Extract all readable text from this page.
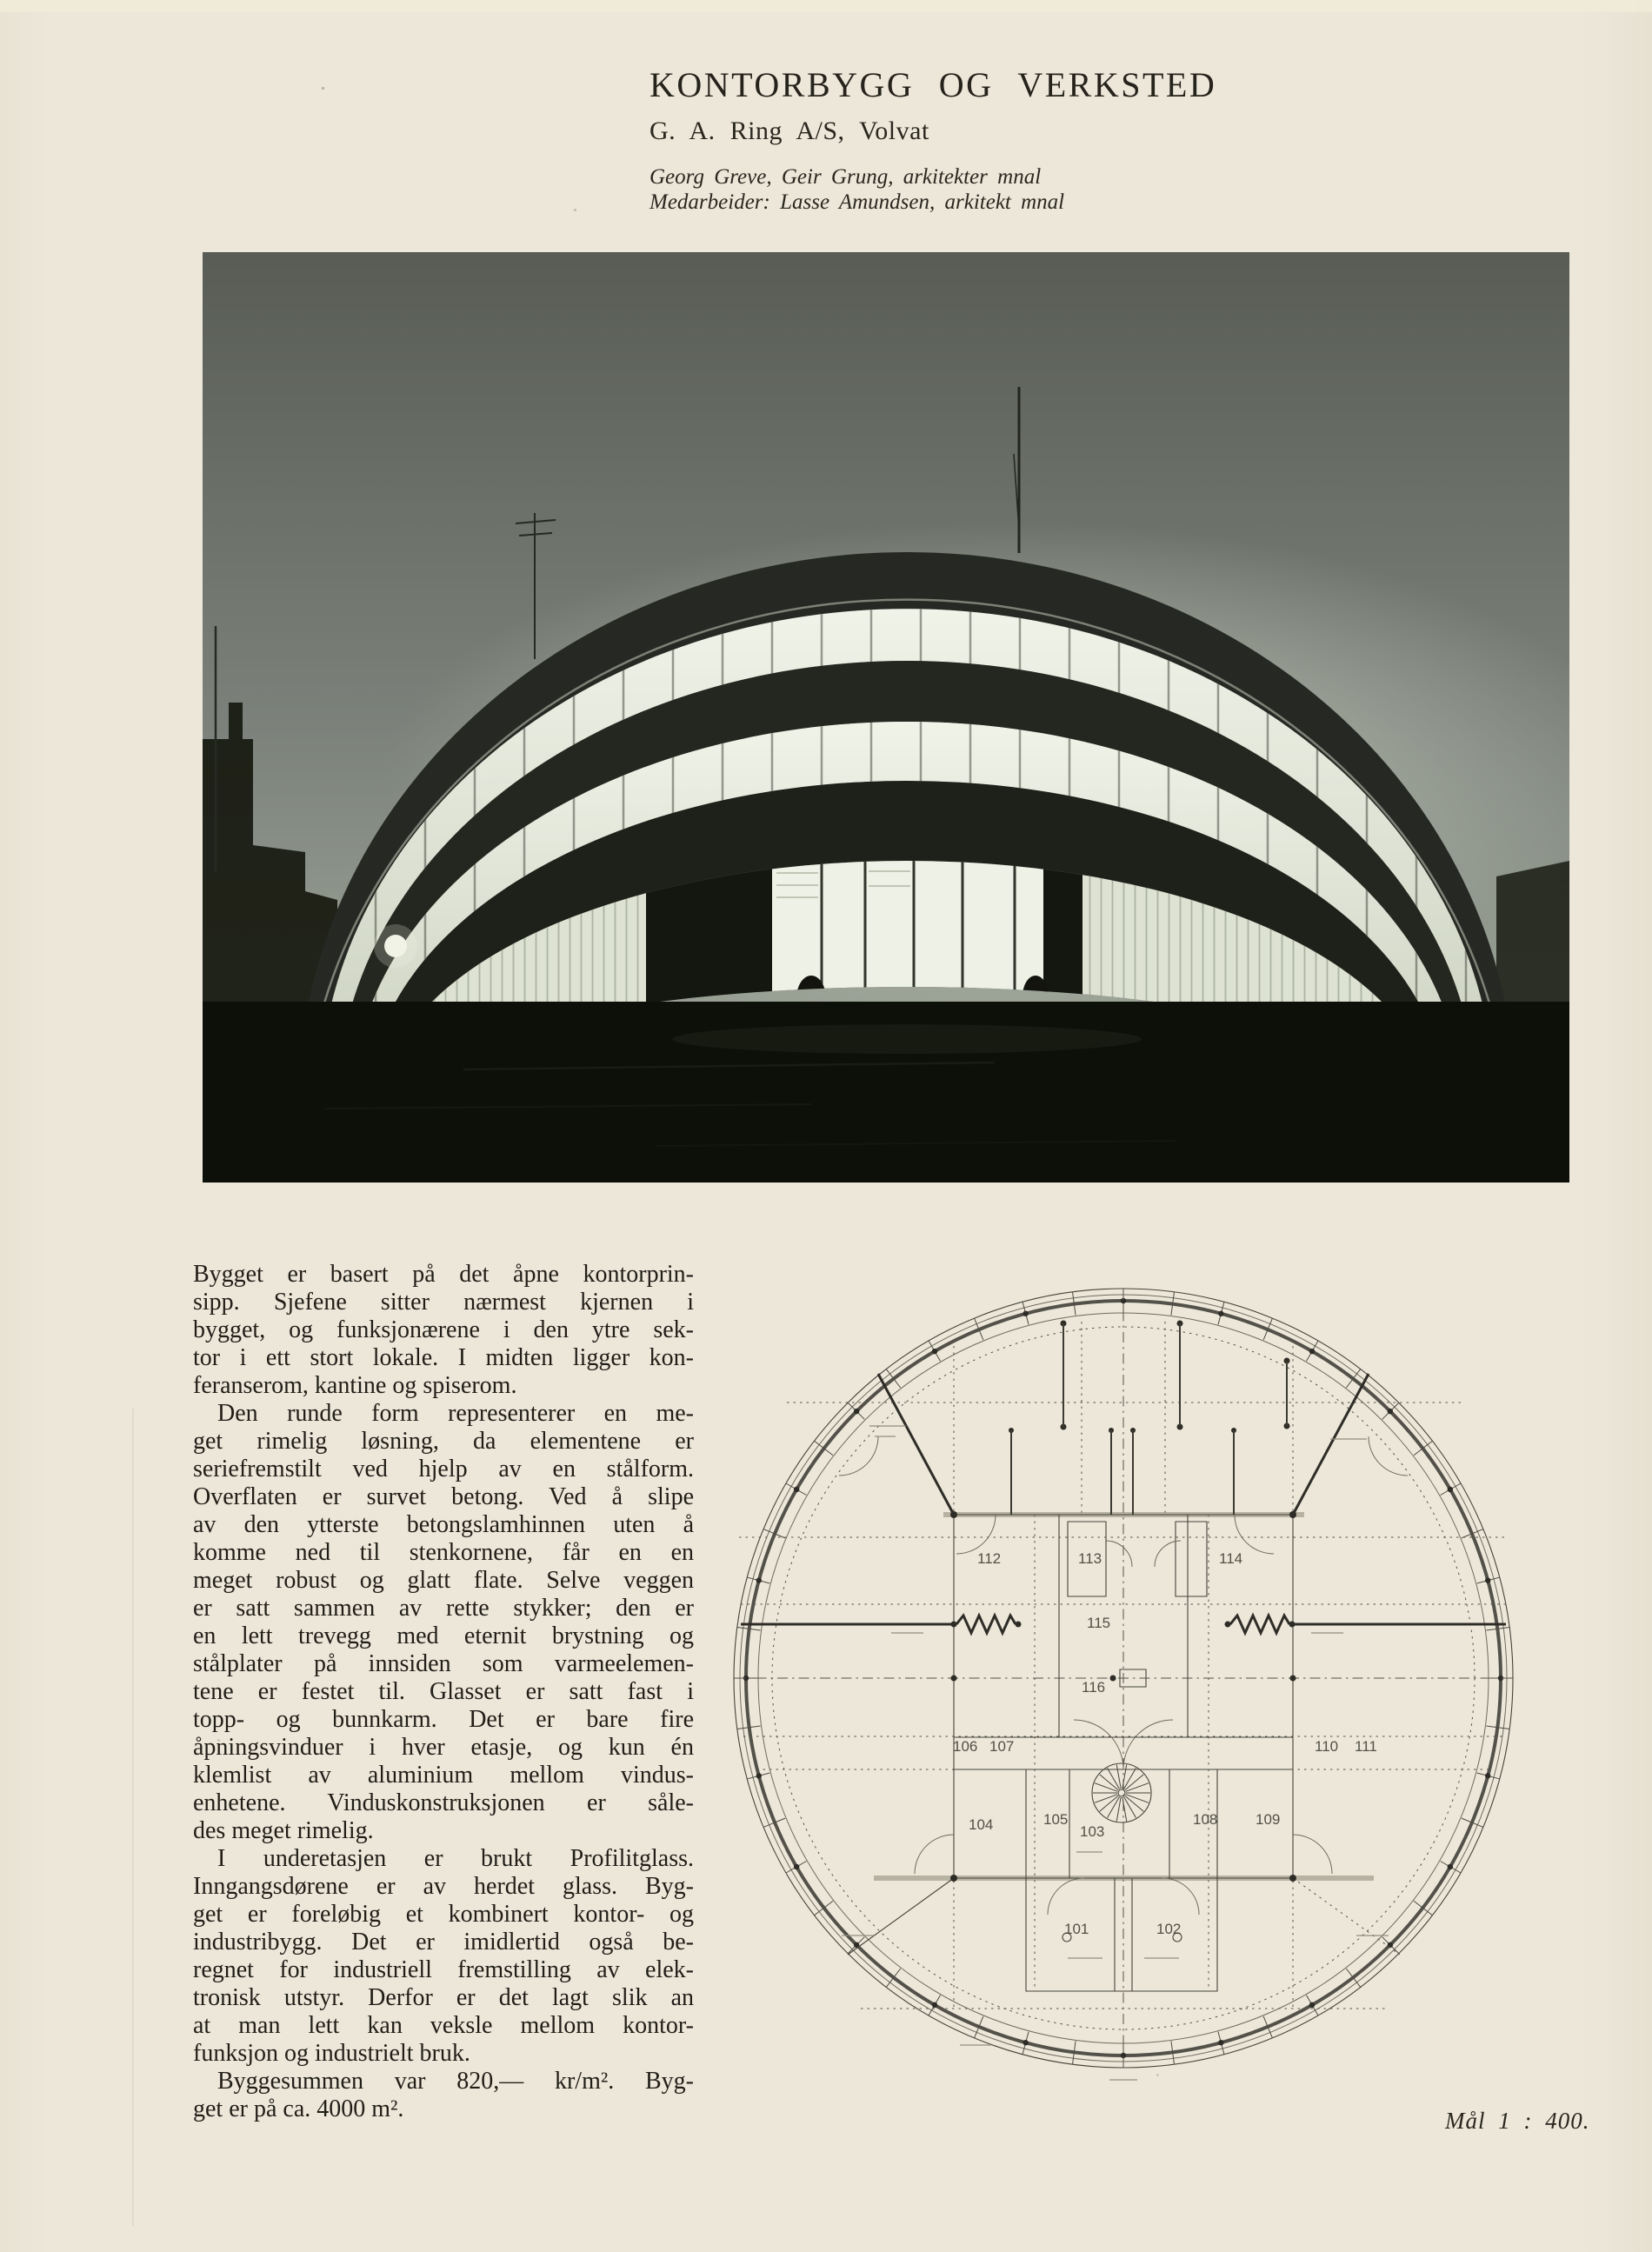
KONTORBYGG OG VERKSTED
G. A. Ring A/S, Volvat
Georg Greve, Geir Grung, arkitekter mnal
Medarbeider: Lasse Amundsen, arkitekt mnal
Bygget er basert på det åpne kontorprin-
sipp. Sjefene sitter nærmest kjernen i
bygget, og funksjonærene i den ytre sek-
tor i ett stort lokale. I midten ligger kon-
feranserom, kantine og spiserom.
Den runde form representerer en me-
get rimelig løsning, da elementene er
seriefremstilt ved hjelp av en stålform.
Overflaten er survet betong. Ved å slipe
av den ytterste betongslamhinnen uten å
komme ned til stenkornene, får en en
meget robust og glatt flate. Selve veggen
er satt sammen av rette stykker; den er
en lett trevegg med eternit brystning og
stålplater på innsiden som varmeelemen-
tene er festet til. Glasset er satt fast i
topp- og bunnkarm. Det er bare fire
åpningsvinduer i hver etasje, og kun én
klemlist av aluminium mellom vindus-
enhetene. Vinduskonstruksjonen er såle-
des meget rimelig.
I underetasjen er brukt Profilitglass.
Inngangsdørene er av herdet glass. Byg-
get er foreløbig et kombinert kontor- og
industribygg. Det er imidlertid også be-
regnet for industriell fremstilling av elek-
tronisk utstyr. Derfor er det lagt slik an
at man lett kan veksle mellom kontor-
funksjon og industrielt bruk.
Byggesummen var 820,— kr/m². Byg-
get er på ca. 4000 m².
112	113	114
115
116
106 107	110 111
104	105
103
108	109
101	102
Mål 1 : 400.
